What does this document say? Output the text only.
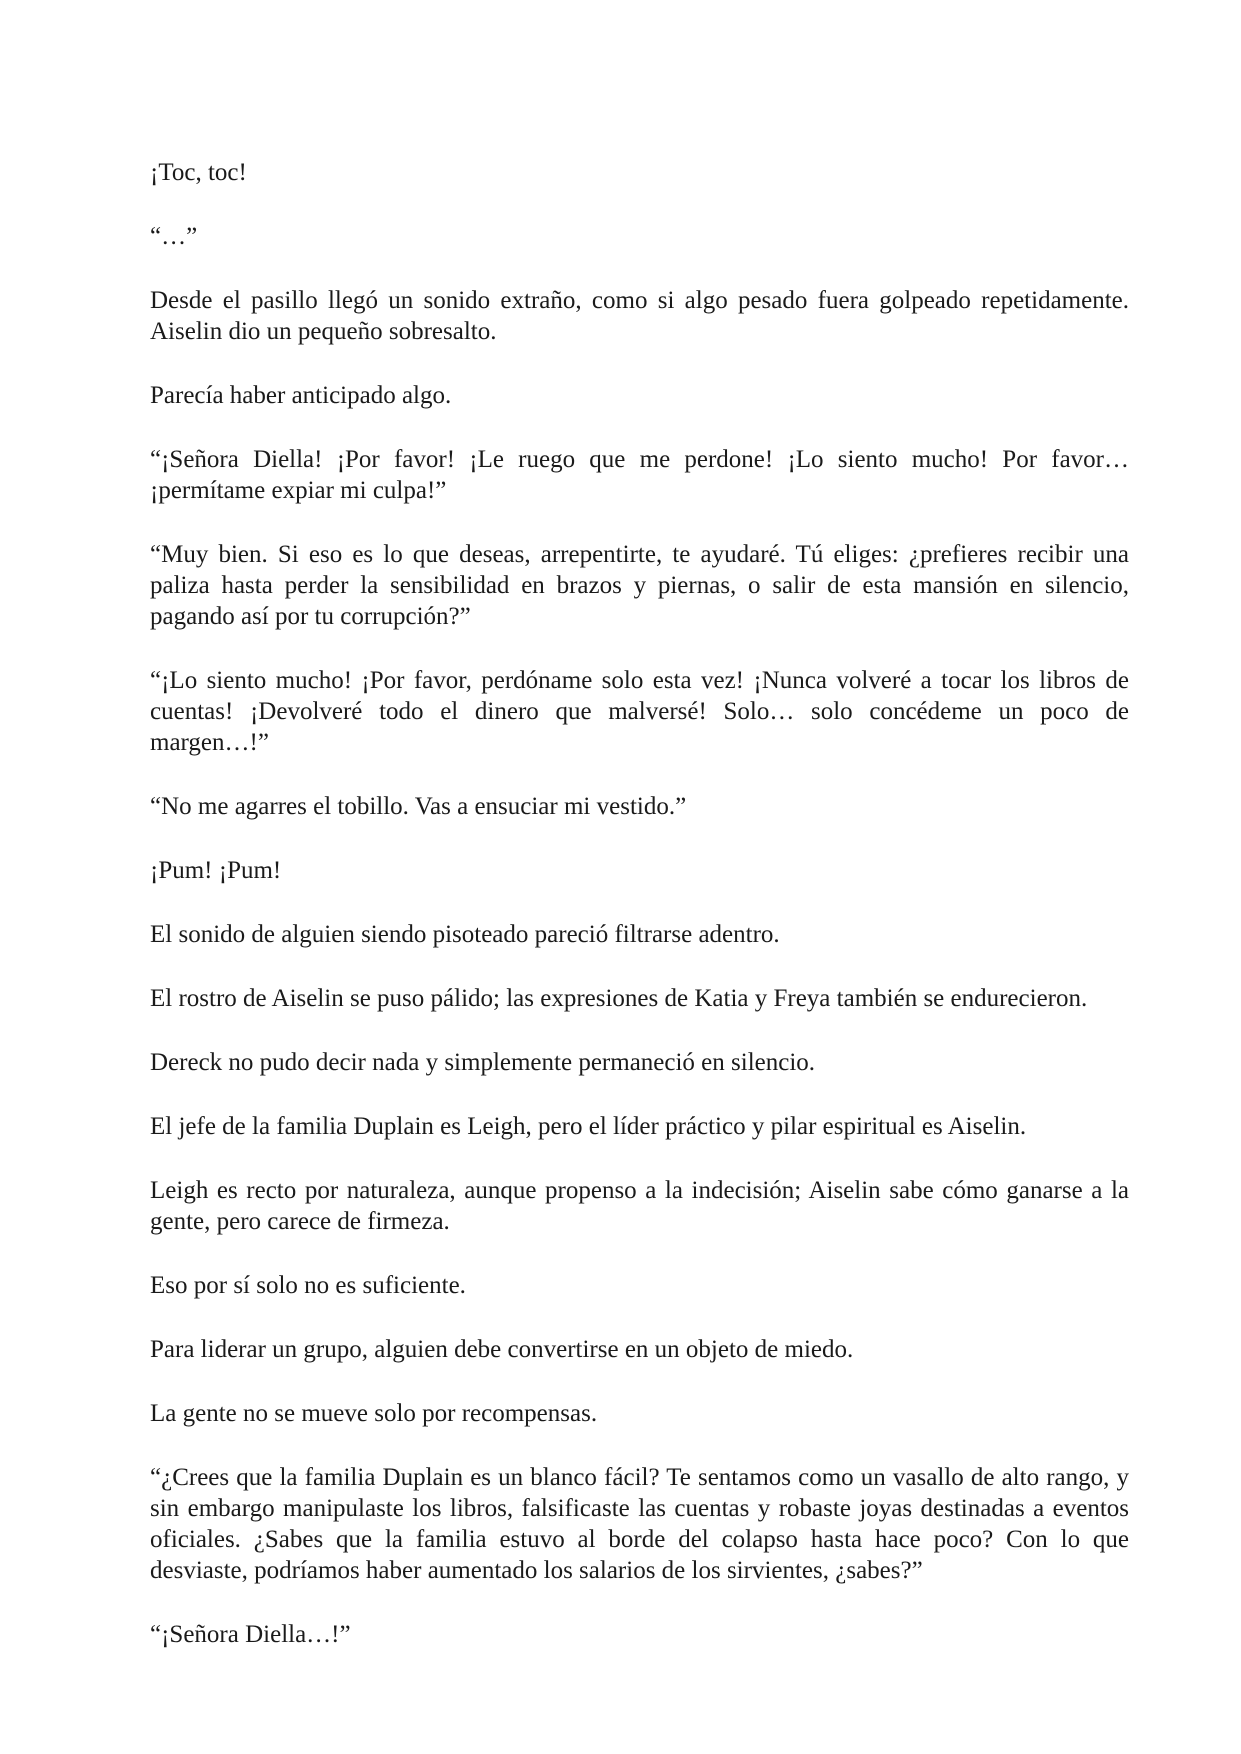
¡Toc, toc!

“…”

Desde el pasillo llegó un sonido extraño, como si algo pesado fuera golpeado repetidamente. Aiselin dio un pequeño sobresalto.

Parecía haber anticipado algo.

“¡Señora Diella! ¡Por favor! ¡Le ruego que me perdone! ¡Lo siento mucho! Por favor… ¡permítame expiar mi culpa!”

“Muy bien. Si eso es lo que deseas, arrepentirte, te ayudaré. Tú eliges: ¿prefieres recibir una paliza hasta perder la sensibilidad en brazos y piernas, o salir de esta mansión en silencio, pagando así por tu corrupción?”

“¡Lo siento mucho! ¡Por favor, perdóname solo esta vez! ¡Nunca volveré a tocar los libros de cuentas! ¡Devolveré todo el dinero que malversé! Solo… solo concédeme un poco de margen…!”

“No me agarres el tobillo. Vas a ensuciar mi vestido.”

¡Pum! ¡Pum!

El sonido de alguien siendo pisoteado pareció filtrarse adentro.

El rostro de Aiselin se puso pálido; las expresiones de Katia y Freya también se endurecieron.

Dereck no pudo decir nada y simplemente permaneció en silencio.

El jefe de la familia Duplain es Leigh, pero el líder práctico y pilar espiritual es Aiselin.

Leigh es recto por naturaleza, aunque propenso a la indecisión; Aiselin sabe cómo ganarse a la gente, pero carece de firmeza.

Eso por sí solo no es suficiente.

Para liderar un grupo, alguien debe convertirse en un objeto de miedo.

La gente no se mueve solo por recompensas.

“¿Crees que la familia Duplain es un blanco fácil? Te sentamos como un vasallo de alto rango, y sin embargo manipulaste los libros, falsificaste las cuentas y robaste joyas destinadas a eventos oficiales. ¿Sabes que la familia estuvo al borde del colapso hasta hace poco? Con lo que desviaste, podríamos haber aumentado los salarios de los sirvientes, ¿sabes?”

“¡Señora Diella…!”
